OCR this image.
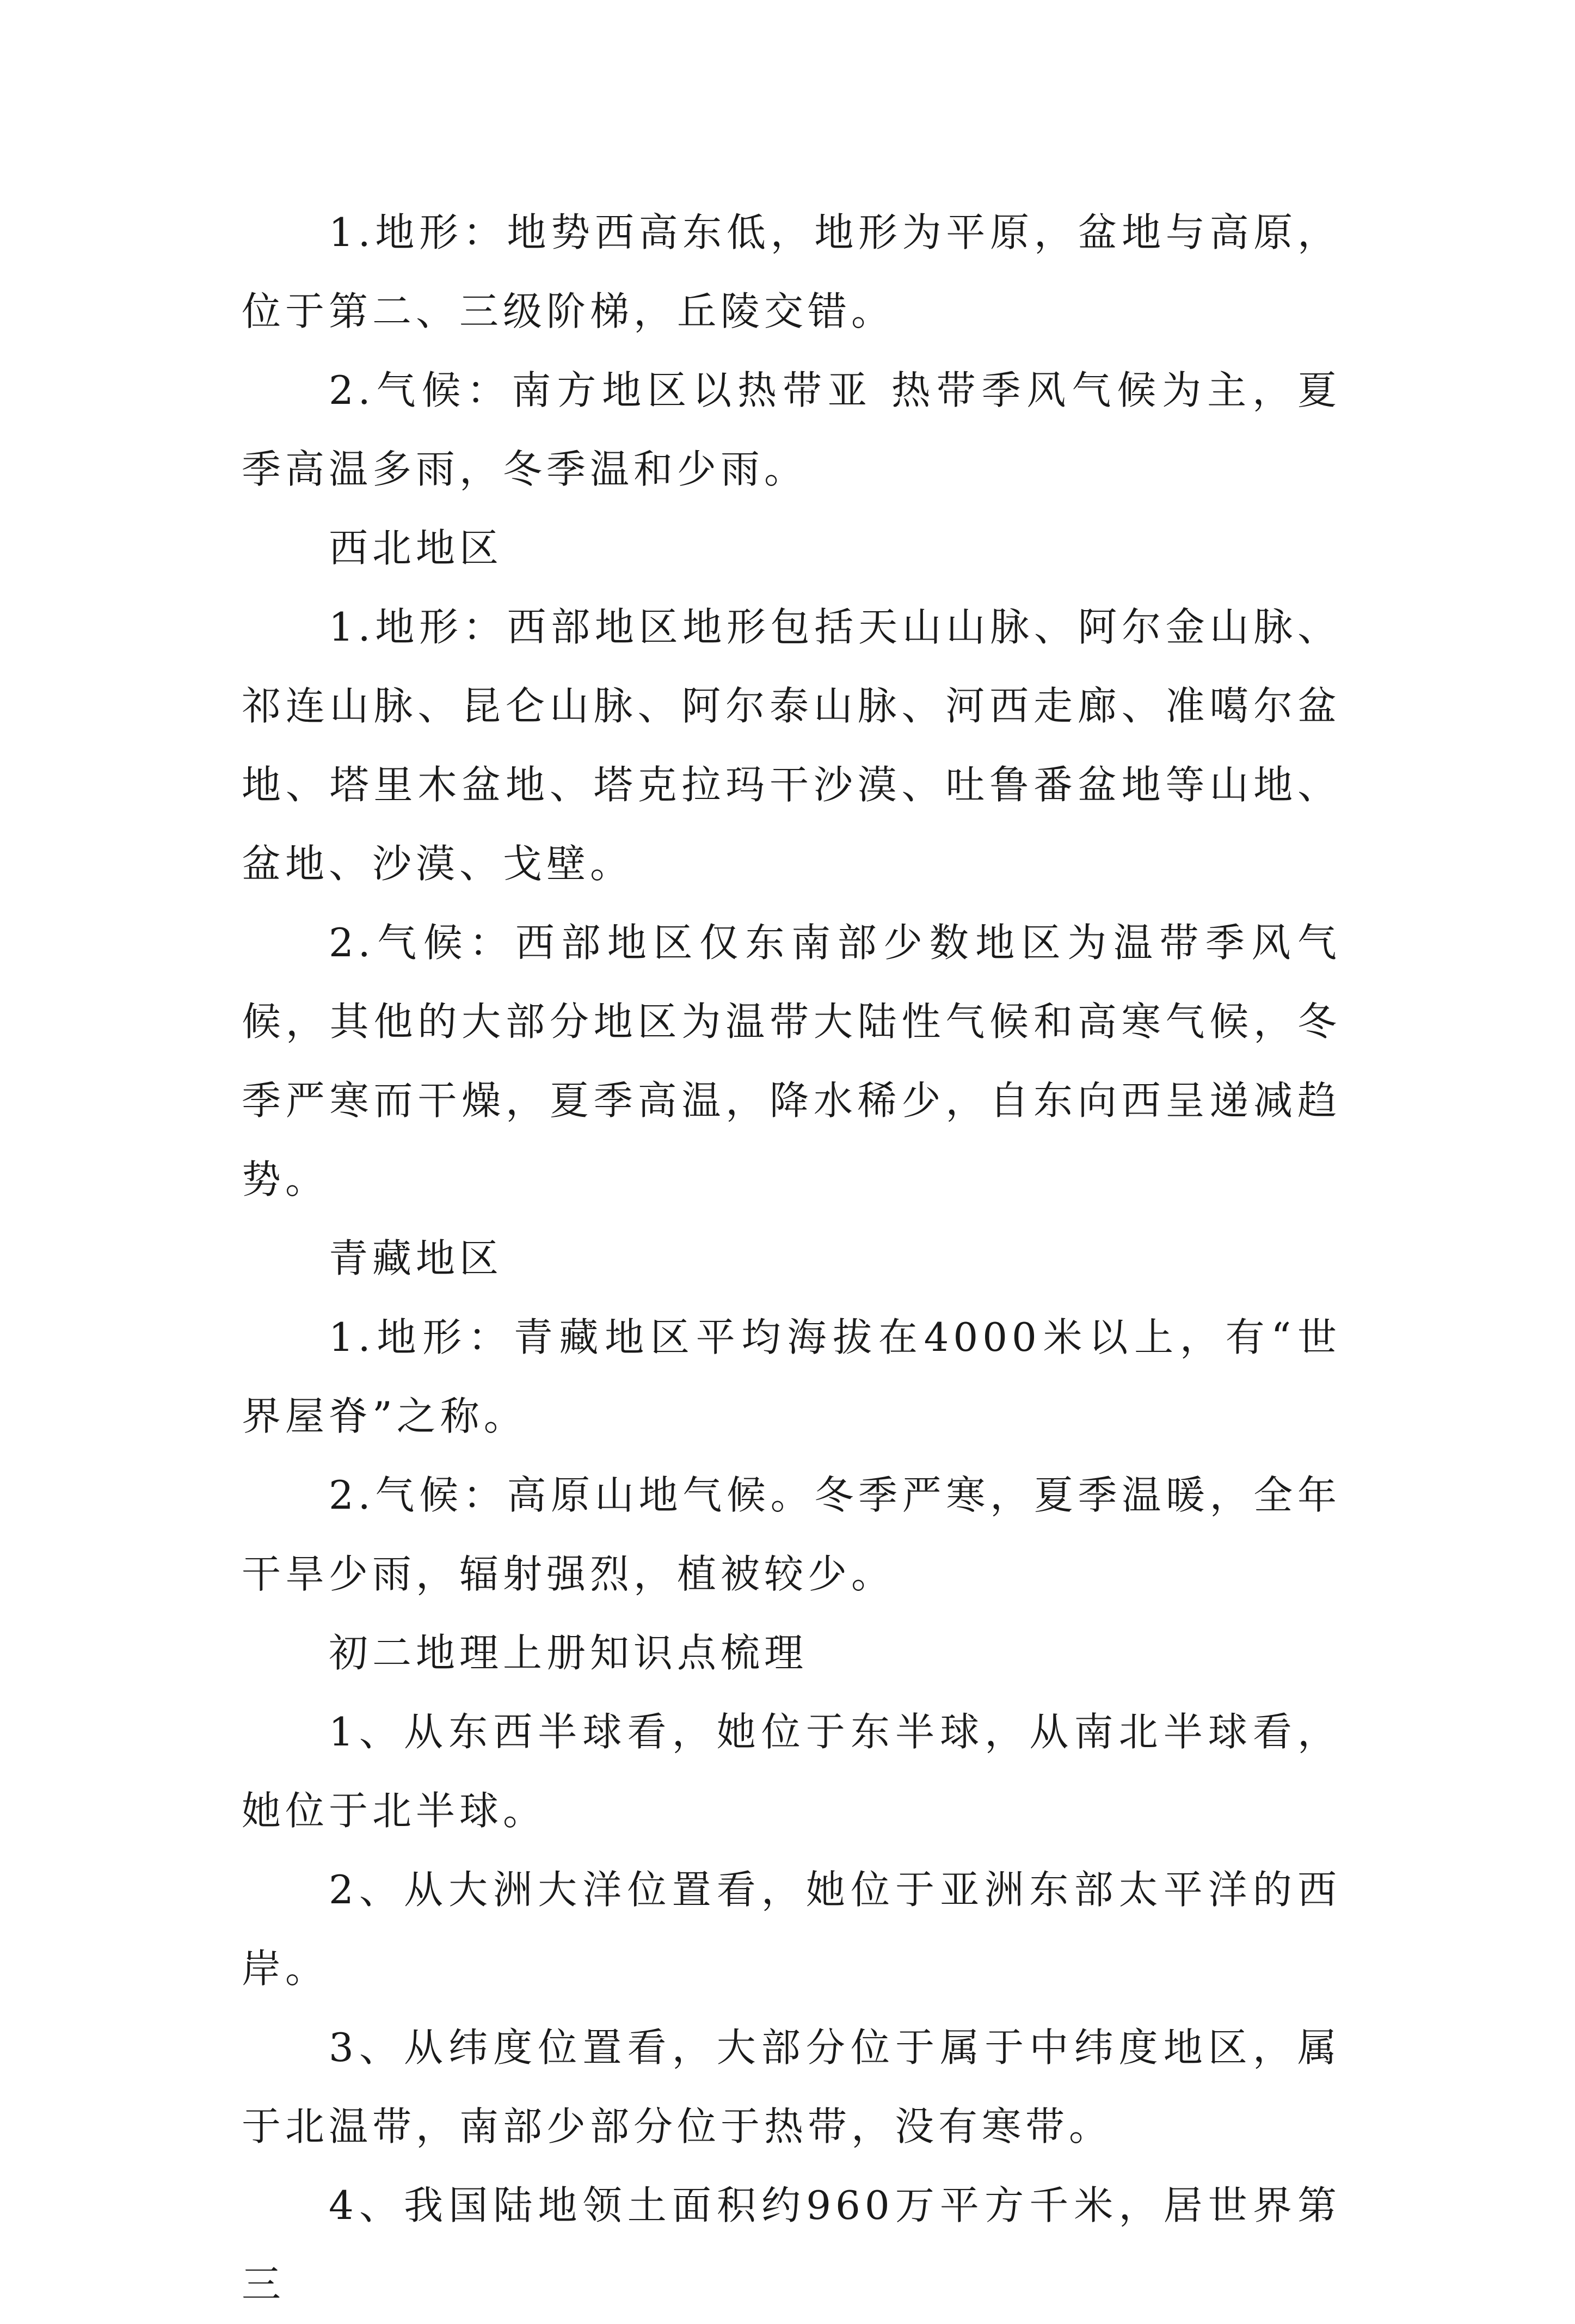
1.地形：地势西高东低，地形为平原，盆地与高原，位于第二、三级阶梯，丘陵交错。

2.气候：南方地区以热带亚 热带季风气候为主，夏季高温多雨，冬季温和少雨。

西北地区

1.地形：西部地区地形包括天山山脉、阿尔金山脉、祁连山脉、昆仑山脉、阿尔泰山脉、河西走廊、准噶尔盆地、塔里木盆地、塔克拉玛干沙漠、吐鲁番盆地等山地、盆地、沙漠、戈壁。

2.气候：西部地区仅东南部少数地区为温带季风气候，其他的大部分地区为温带大陆性气候和高寒气候，冬季严寒而干燥，夏季高温，降水稀少，自东向西呈递减趋势。

青藏地区

1.地形：青藏地区平均海拔在4000米以上，有“世界屋脊”之称。

2.气候：高原山地气候。冬季严寒，夏季温暖，全年干旱少雨，辐射强烈，植被较少。

初二地理上册知识点梳理

1、从东西半球看，她位于东半球，从南北半球看，她位于北半球。

2、从大洲大洋位置看，她位于亚洲东部太平洋的西岸。

3、从纬度位置看，大部分位于属于中纬度地区，属于北温带，南部少部分位于热带，没有寒带。

4、我国陆地领土面积约960万平方千米，居世界第三
